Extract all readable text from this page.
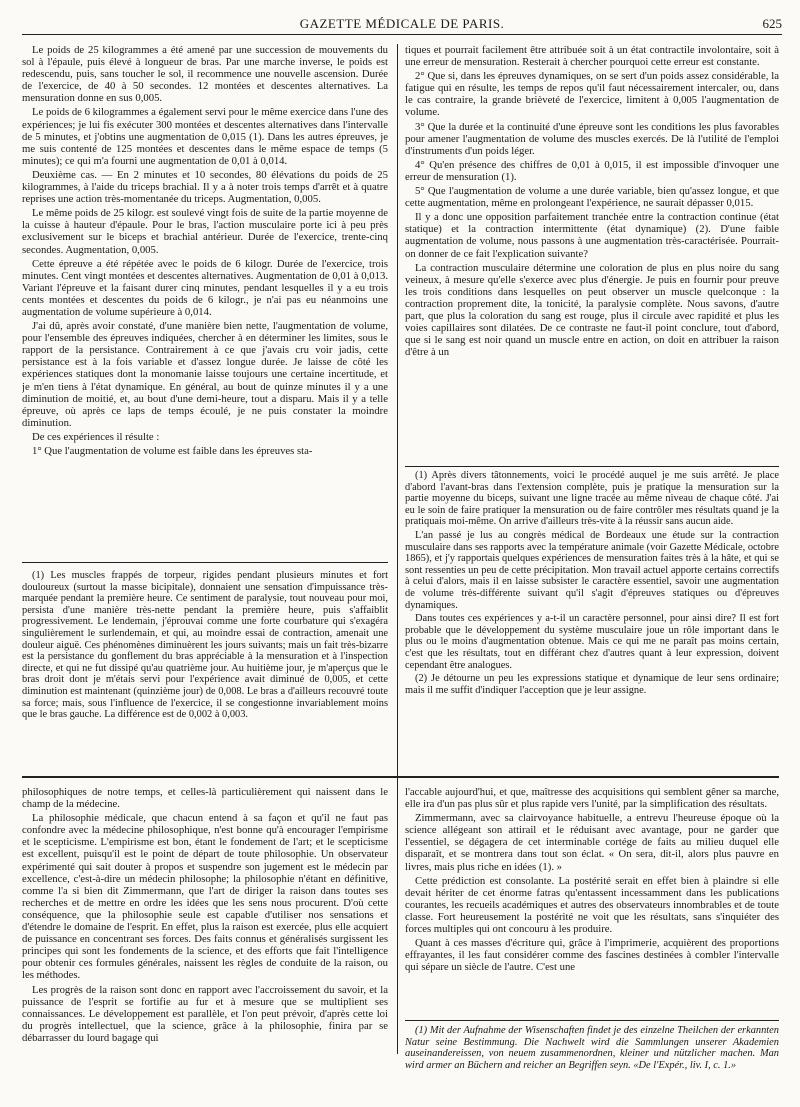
GAZETTE MÉDICALE DE PARIS.	625

Le poids de 25 kilogrammes a été amené par une succession de mouvements du sol à l'épaule, puis élevé à longueur de bras. Par une marche inverse, le poids est redescendu, puis, sans toucher le sol, il recommence une nouvelle ascension. Durée de l'exercice, de 40 à 50 secondes. 12 montées et descentes alternatives. La mensuration donne en sus 0,005.

Le poids de 6 kilogrammes a également servi pour le même exercice dans l'une des expériences; je lui fis exécuter 300 montées et descentes alternatives dans l'intervalle de 5 minutes, et j'obtins une augmentation de 0,015 (1). Dans les autres épreuves, je me suis contenté de 125 montées et descentes dans le même espace de temps (5 minutes); ce qui m'a fourni une augmentation de 0,01 à 0,014.

Deuxième cas. — En 2 minutes et 10 secondes, 80 élévations du poids de 25 kilogrammes, à l'aide du triceps brachial. Il y a à noter trois temps d'arrêt et à quatre reprises une action très-momentanée du triceps. Augmentation, 0,005.

Le même poids de 25 kilogr. est soulevé vingt fois de suite de la partie moyenne de la cuisse à hauteur d'épaule. Pour le bras, l'action musculaire porte ici à peu près exclusivement sur le biceps et brachial antérieur. Durée de l'exercice, trente-cinq secondes. Augmentation, 0,005.

Cette épreuve a été répétée avec le poids de 6 kilogr. Durée de l'exercice, trois minutes. Cent vingt montées et descentes alternatives. Augmentation de 0,01 à 0,013. Variant l'épreuve et la faisant durer cinq minutes, pendant lesquelles il y a eu trois cents montées et descentes du poids de 6 kilogr., je n'ai pas eu néanmoins une augmentation de volume supérieure à 0,014.

J'ai dû, après avoir constaté, d'une manière bien nette, l'augmentation de volume, pour l'ensemble des épreuves indiquées, chercher à en déterminer les limites, sous le rapport de la persistance. Contrairement à ce que j'avais cru voir jadis, cette persistance est à la fois variable et d'assez longue durée. Je laisse de côté les expériences statiques dont la monomanie laisse toujours une certaine incertitude, et je m'en tiens à l'état dynamique. En général, au bout de quinze minutes il y a une diminution de moitié, et, au bout d'une demi-heure, tout a disparu. Mais il y a telle épreuve, où après ce laps de temps écoulé, je ne puis constater la moindre diminution.

De ces expériences il résulte :

1° Que l'augmentation de volume est faible dans les épreuves sta-

tiques et pourrait facilement être attribuée soit à un état contractile involontaire, soit à une erreur de mensuration. Resterait à chercher pourquoi cette erreur est constante.

2° Que si, dans les épreuves dynamiques, on se sert d'un poids assez considérable, la fatigue qui en résulte, les temps de repos qu'il faut nécessairement intercaler, ou, dans le cas contraire, la grande brièveté de l'exercice, limitent à 0,005 l'augmentation de volume.

3° Que la durée et la continuité d'une épreuve sont les conditions les plus favorables pour amener l'augmentation de volume des muscles exercés. De là l'utilité de l'emploi d'instruments d'un poids léger.

4° Qu'en présence des chiffres de 0,01 à 0,015, il est impossible d'invoquer une erreur de mensuration (1).

5° Que l'augmentation de volume a une durée variable, bien qu'assez longue, et que cette augmentation, même en prolongeant l'expérience, ne saurait dépasser 0,015.

Il y a donc une opposition parfaitement tranchée entre la contraction continue (état statique) et la contraction intermittente (état dynamique) (2). D'une faible augmentation de volume, nous passons à une augmentation très-caractérisée. Pourrait-on donner de ce fait l'explication suivante?

La contraction musculaire détermine une coloration de plus en plus noire du sang veineux, à mesure qu'elle s'exerce avec plus d'énergie. Je puis en fournir pour preuve les trois conditions dans lesquelles on peut observer un muscle quelconque : la contraction proprement dite, la tonicité, la paralysie complète. Nous savons, d'autre part, que plus la coloration du sang est rouge, plus il circule avec rapidité et plus les voies capillaires sont dilatées. De ce contraste ne faut-il point conclure, tout d'abord, que si le sang est noir quand un muscle entre en action, on doit en attribuer la raison d'être à un

(1) Les muscles frappés de torpeur, rigides pendant plusieurs minutes et fort douloureux (surtout la masse bicipitale), donnaient une sensation d'impuissance très-marquée pendant la première heure. Ce sentiment de paralysie, tout nouveau pour moi, persista d'une manière très-nette pendant la première heure, puis s'affaiblit progressivement. Le lendemain, j'éprouvai comme une forte courbature qui s'exagéra singulièrement le surlendemain, et qui, au moindre essai de contraction, amenait une douleur aiguë. Ces phénomènes diminuèrent les jours suivants; mais un fait très-bizarre est la persistance du gonflement du bras appréciable à la mensuration et à l'inspection directe, et qui ne fut dissipé qu'au quatrième jour. Au huitième jour, je m'aperçus que le bras droit dont je m'étais servi pour l'expérience avait diminué de 0,005, et cette diminution est maintenant (quinzième jour) de 0,008. Le bras a d'ailleurs recouvré toute sa force; mais, sous l'influence de l'exercice, il se congestionne invariablement moins que le bras gauche. La différence est de 0,002 à 0,003.

(1) Après divers tâtonnements, voici le procédé auquel je me suis arrêté. Je place d'abord l'avant-bras dans l'extension complète, puis je pratique la mensuration sur la partie moyenne du biceps, suivant une ligne tracée au même niveau de chaque côté. J'ai eu le soin de faire pratiquer la mensuration ou de faire contrôler mes résultats quand je la pratiquais moi-même. On arrive d'ailleurs très-vite à la réussir sans aucun aide.

L'an passé je lus au congrès médical de Bordeaux une étude sur la contraction musculaire dans ses rapports avec la température animale (voir Gazette Médicale, octobre 1865), et j'y rapportais quelques expériences de mensuration faites très à la hâte, et qui se sont ressenties un peu de cette précipitation. Mon travail actuel apporte certains correctifs à celui d'alors, mais il en laisse subsister le caractère essentiel, savoir une augmentation de volume très-différente suivant qu'il s'agit d'épreuves statiques ou d'épreuves dynamiques.

Dans toutes ces expériences y a-t-il un caractère personnel, pour ainsi dire? Il est fort probable que le développement du système musculaire joue un rôle important dans le plus ou le moins d'augmentation obtenue. Mais ce qui me ne paraît pas moins certain, c'est que les résultats, tout en différant chez d'autres quant à leur expression, doivent cependant être analogues.

(2) Je détourne un peu les expressions statique et dynamique de leur sens ordinaire; mais il me suffit d'indiquer l'acception que je leur assigne.

philosophiques de notre temps, et celles-là particulièrement qui naissent dans le champ de la médecine.

La philosophie médicale, que chacun entend à sa façon et qu'il ne faut pas confondre avec la médecine philosophique, n'est bonne qu'à encourager l'empirisme et le scepticisme. L'empirisme est bon, étant le fondement de l'art; et le scepticisme est excellent, puisqu'il est le point de départ de toute philosophie. Un observateur expérimenté qui sait douter à propos et suspendre son jugement est le médecin par excellence, c'est-à-dire un médecin philosophe; la philosophie n'étant en définitive, comme l'a si bien dit Zimmermann, que l'art de diriger la raison dans toutes ses recherches et de mettre en ordre les idées que les sens nous procurent. D'où cette conséquence, que la philosophie seule est capable d'utiliser nos sensations et d'étendre le domaine de l'esprit. En effet, plus la raison est exercée, plus elle acquiert de puissance en concentrant ses forces. Des faits connus et généralisés surgissent les principes qui sont les fondements de la science, et des efforts que fait l'intelligence pour obtenir ces formules générales, naissent les règles de conduite de la raison, ou les méthodes.

Les progrès de la raison sont donc en rapport avec l'accroissement du savoir, et la puissance de l'esprit se fortifie au fur et à mesure que se multiplient ses connaissances. Le développement est parallèle, et l'on peut prévoir, d'après cette loi du progrès intellectuel, que la science, grâce à la philosophie, finira par se débarrasser du lourd bagage qui

l'accable aujourd'hui, et que, maîtresse des acquisitions qui semblent gêner sa marche, elle ira d'un pas plus sûr et plus rapide vers l'unité, par la simplification des résultats.

Zimmermann, avec sa clairvoyance habituelle, a entrevu l'heureuse époque où la science allégeant son attirail et le réduisant avec avantage, pour ne garder que l'essentiel, se dégagera de cet interminable cortége de faits au milieu duquel elle disparaît, et se montrera dans tout son éclat. « On sera, dit-il, alors plus pauvre en livres, mais plus riche en idées (1). »

Cette prédiction est consolante. La postérité serait en effet bien à plaindre si elle devait hériter de cet énorme fatras qu'entassent incessamment dans les publications courantes, les recueils académiques et autres des observateurs innombrables et de toute classe. Fort heureusement la postérité ne voit que les résultats, sans s'inquiéter des forces multiples qui ont concouru à les produire.

Quant à ces masses d'écriture qui, grâce à l'imprimerie, acquièrent des proportions effrayantes, il les faut considérer comme des fascines destinées à combler l'intervalle qui sépare un siècle de l'autre. C'est une

(1) Mit der Aufnahme der Wisenschaften findet je des einzelne Theilchen der erkannten Natur seine Bestimmung. Die Nachwelt wird die Sammlungen unserer Akademien auseinandereissen, von neuem zusammenordnen, kleiner und nützlicher machen. Man wird armer an Büchern and reicher an Begriffen seyn. «De l'Expér., liv. I, c. 1.»
